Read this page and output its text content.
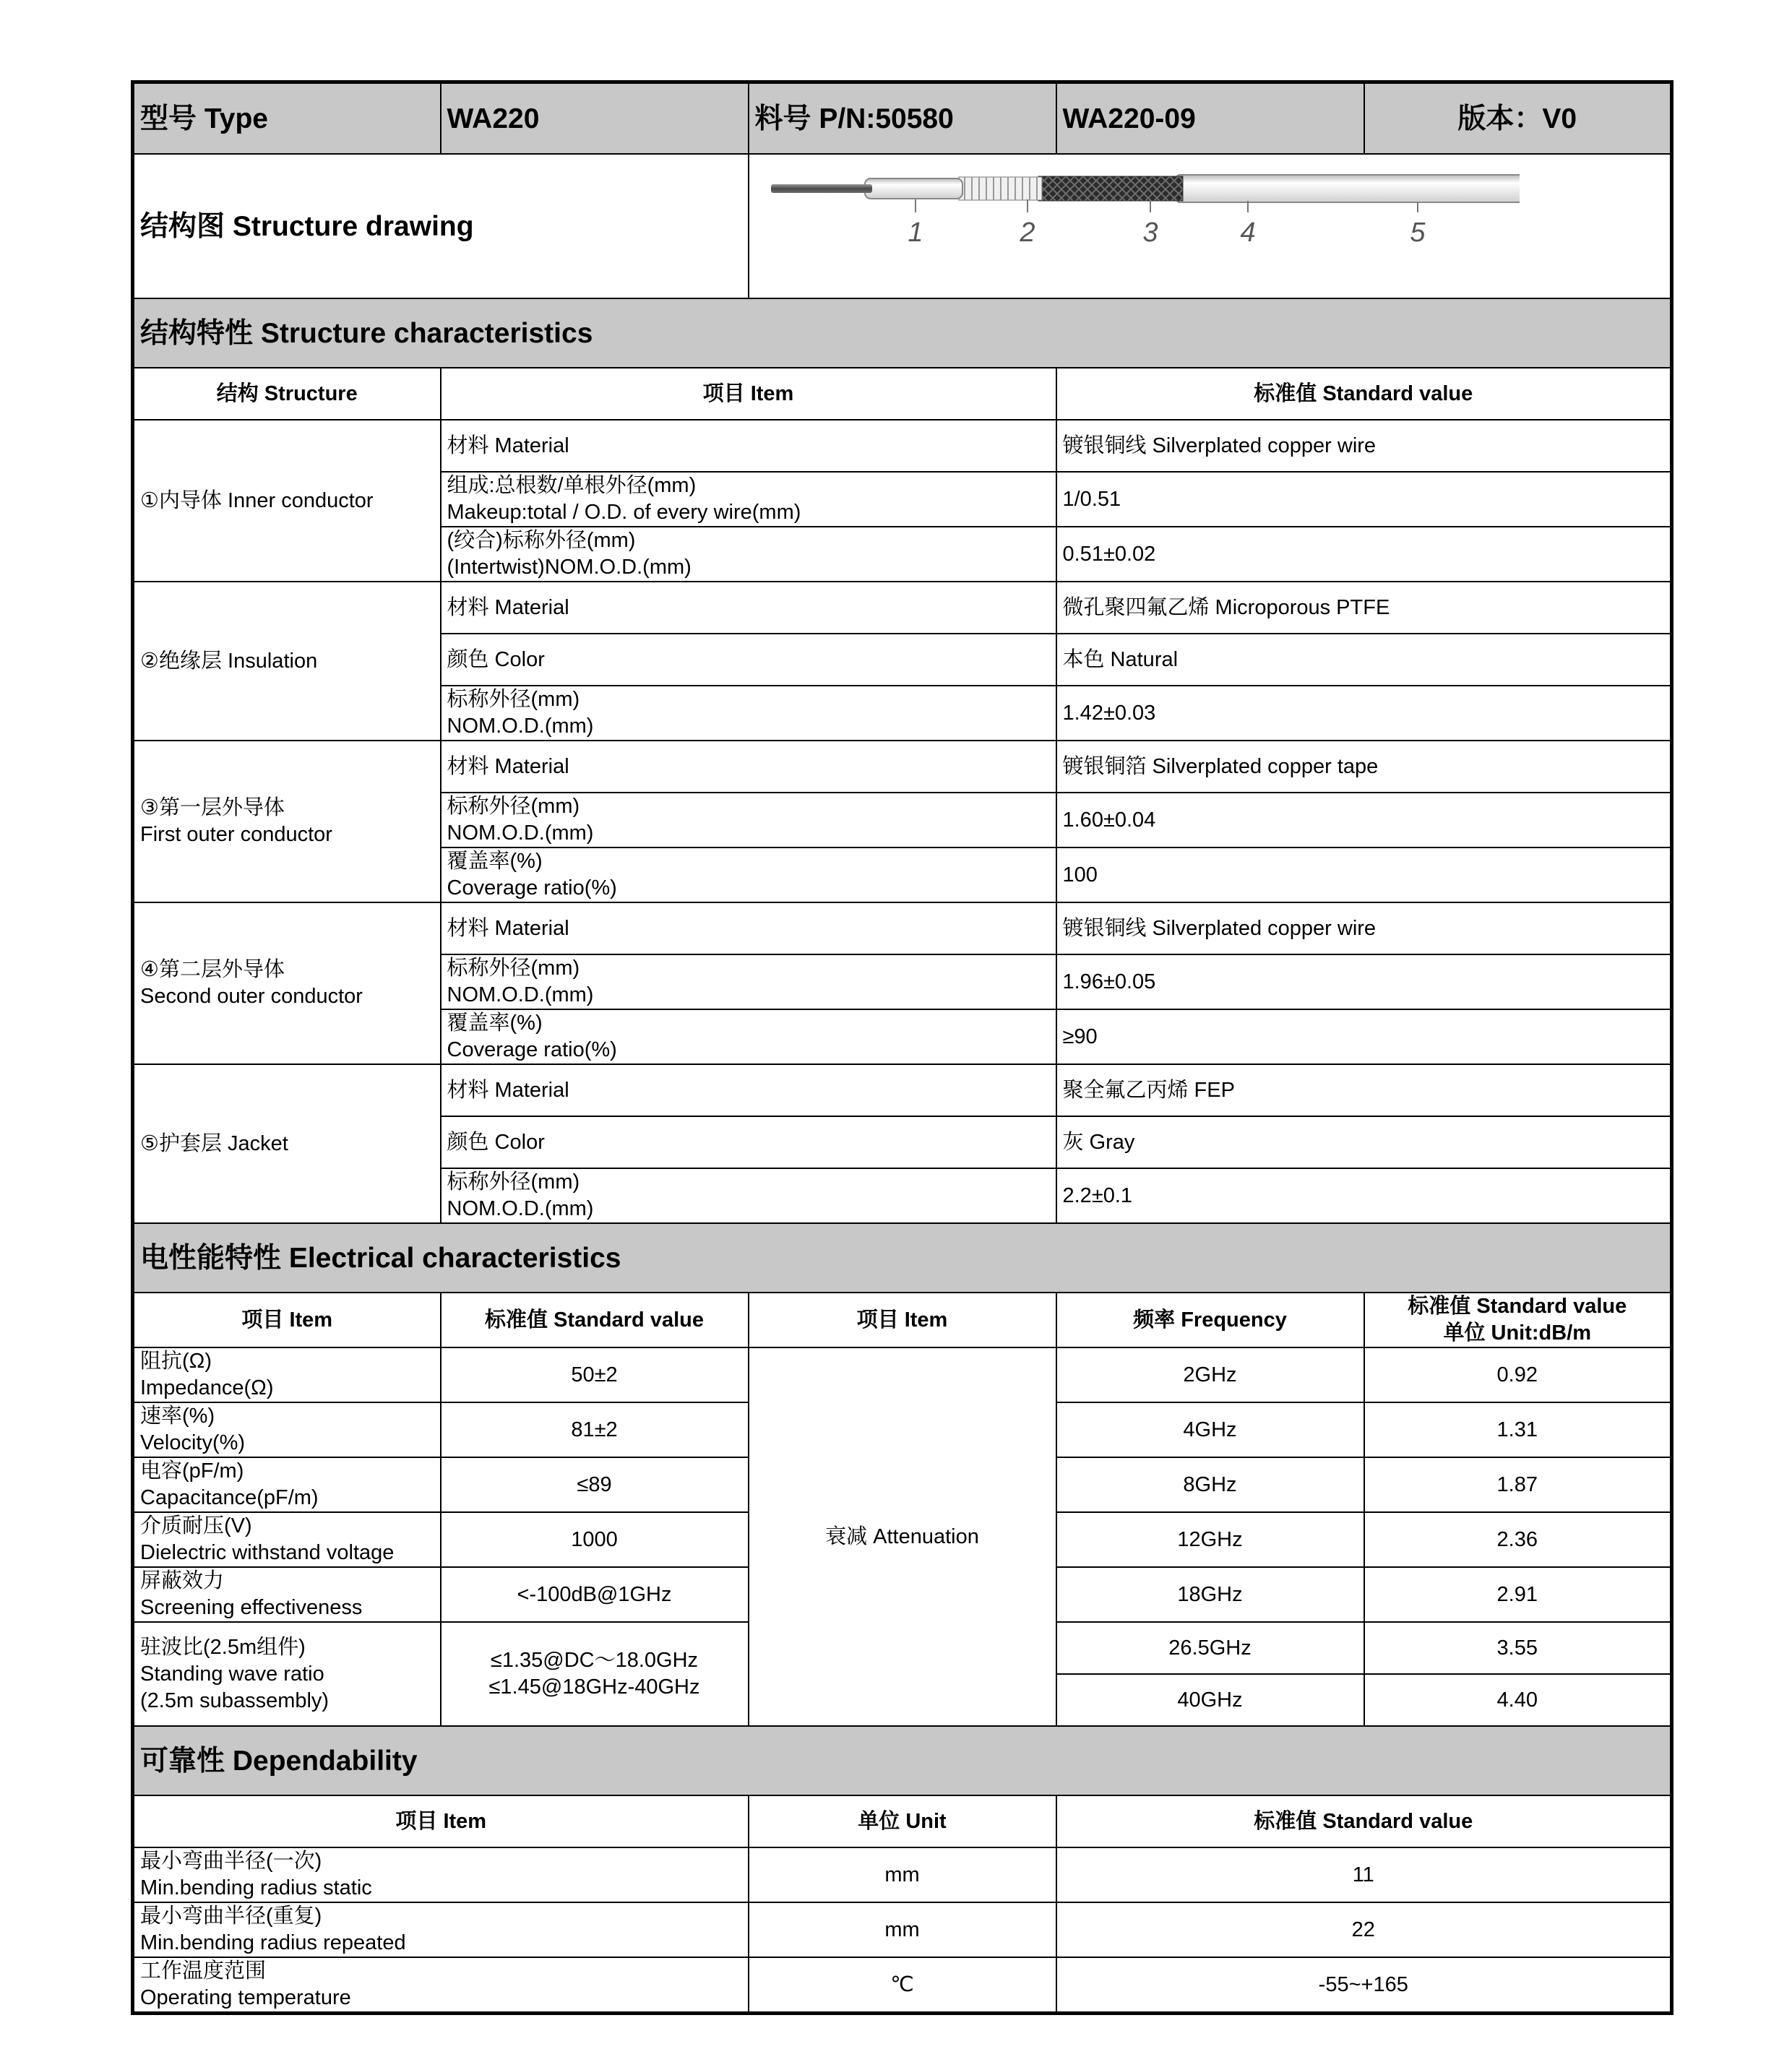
型号 Type	WA220	料号 P/N:50580	WA220-09	版本：V0
结构图 Structure drawing		1 2 3 4 5		

结构特性 Structure characteristics				
结构 Structure	项目 Item		标准值 Standard value	

①内导体 Inner conductor	材料 Material		镀银铜线 Silverplated copper wire	

	组成:总根数/单根外径(mm)
Makeup:total / O.D. of every wire(mm)		1/0.51	

	(绞合)标称外径(mm)
(Intertwist)NOM.O.D.(mm)		0.51±0.02	

②绝缘层 Insulation	材料 Material		微孔聚四氟乙烯 Microporous PTFE	

	颜色 Color		本色 Natural	

	标称外径(mm)
NOM.O.D.(mm)		1.42±0.03	

③第一层外导体
First outer conductor	材料 Material		镀银铜箔 Silverplated copper tape	

	标称外径(mm)
NOM.O.D.(mm)		1.60±0.04	

	覆盖率(%)
Coverage ratio(%)		100	

④第二层外导体
Second outer conductor	材料 Material		镀银铜线 Silverplated copper wire	

	标称外径(mm)
NOM.O.D.(mm)		1.96±0.05	

	覆盖率(%)
Coverage ratio(%)		≥90	

⑤护套层 Jacket	材料 Material		聚全氟乙丙烯 FEP	

	颜色 Color		灰 Gray	

	标称外径(mm)
NOM.O.D.(mm)		2.2±0.1	
电性能特性 Electrical characteristics				
项目 Item	标准值 Standard value	项目 Item	频率 Frequency	标准值 Standard value
单位 Unit:dB/m

阻抗(Ω)
Impedance(Ω)	50±2	衰减 Attenuation	2GHz	0.92

速率(%)
Velocity(%)	81±2		4GHz	1.31

电容(pF/m)
Capacitance(pF/m)	≤89		8GHz	1.87

介质耐压(V)
Dielectric withstand voltage	1000		12GHz	2.36

屏蔽效力
Screening effectiveness	<-100dB@1GHz		18GHz	2.91

驻波比(2.5m组件)
Standing wave ratio
(2.5m subassembly)	≤1.35@DC～18.0GHz
≤1.45@18GHz-40GHz		26.5GHz	3.55
			40GHz	4.40
可靠性 Dependability				
项目 Item		单位 Unit	标准值 Standard value	

最小弯曲半径(一次)
Min.bending radius static		mm	11	

最小弯曲半径(重复)
Min.bending radius repeated		mm	22	

工作温度范围
Operating temperature		℃	-55~+165	
